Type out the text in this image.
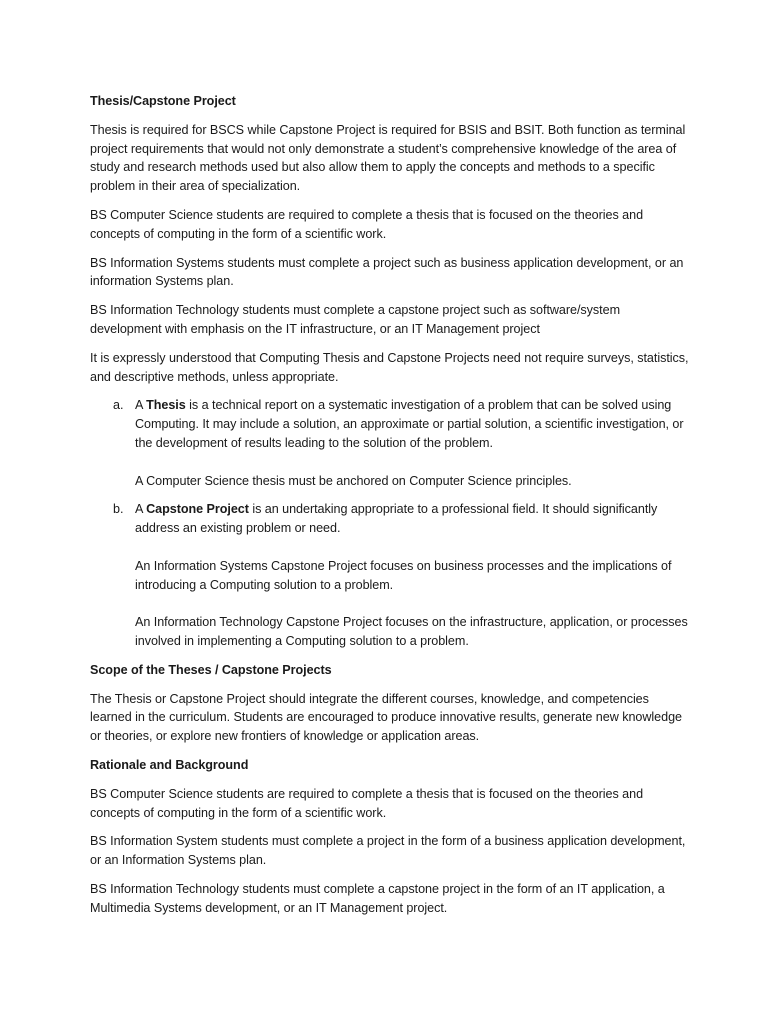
Thesis/Capstone Project

Thesis is required for BSCS while Capstone Project is required for BSIS and BSIT. Both function as terminal project requirements that would not only demonstrate a student’s comprehensive knowledge of the area of study and research methods used but also allow them to apply the concepts and methods to a specific problem in their area of specialization.

BS Computer Science students are required to complete a thesis that is focused on the theories and concepts of computing in the form of a scientific work.

BS Information Systems students must complete a project such as business application development, or an information Systems plan.

BS Information Technology students must complete a capstone project such as software/system development with emphasis on the IT infrastructure, or an IT Management project

It is expressly understood that Computing Thesis and Capstone Projects need not require surveys, statistics, and descriptive methods, unless appropriate.

a. A Thesis is a technical report on a systematic investigation of a problem that can be solved using Computing. It may include a solution, an approximate or partial solution, a scientific investigation, or the development of results leading to the solution of the problem.

A Computer Science thesis must be anchored on Computer Science principles.

b. A Capstone Project is an undertaking appropriate to a professional field. It should significantly address an existing problem or need.

An Information Systems Capstone Project focuses on business processes and the implications of introducing a Computing solution to a problem.

An Information Technology Capstone Project focuses on the infrastructure, application, or processes involved in implementing a Computing solution to a problem.

Scope of the Theses / Capstone Projects

The Thesis or Capstone Project should integrate the different courses, knowledge, and competencies learned in the curriculum. Students are encouraged to produce innovative results, generate new knowledge or theories, or explore new frontiers of knowledge or application areas.

Rationale and Background

BS Computer Science students are required to complete a thesis that is focused on the theories and concepts of computing in the form of a scientific work.

BS Information System students must complete a project in the form of a business application development, or an Information Systems plan.

BS Information Technology students must complete a capstone project in the form of an IT application, a Multimedia Systems development, or an IT Management project.
